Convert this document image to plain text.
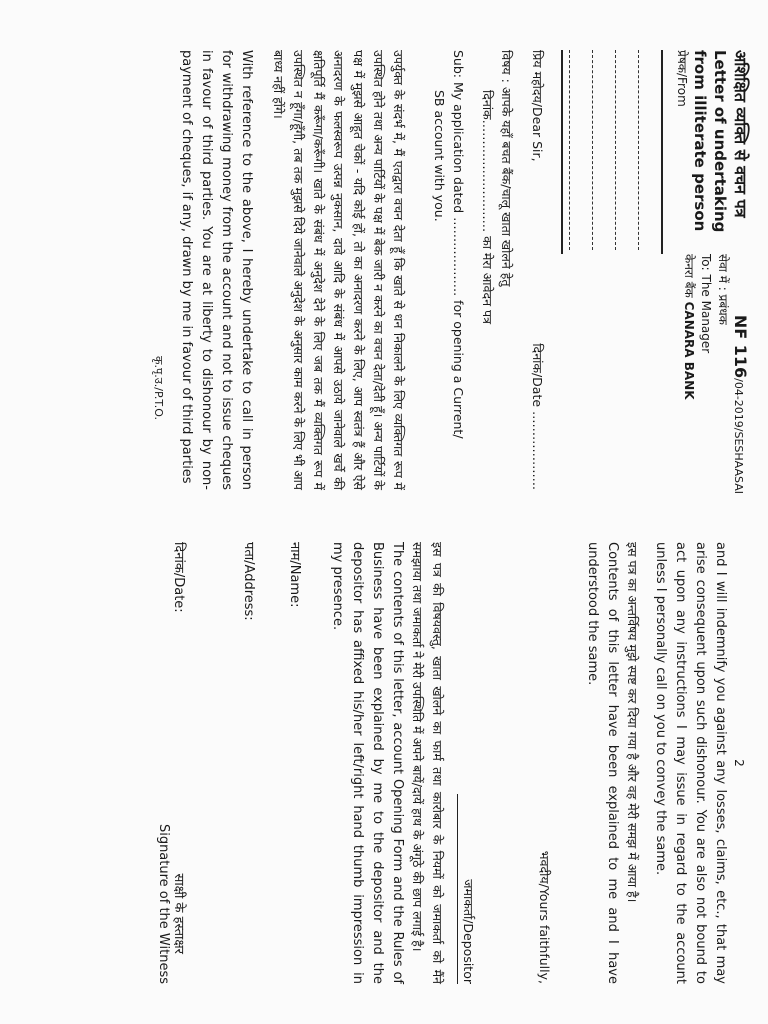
अशिक्षित व्यक्ति से वचन पत्र

Letter of undertaking from illiterate person

प्रेषक/From
NF 116/04-2019/SESHAASAI
सेवा में : प्रबंधक
To: The Manager
केनरा बैंक CANARA BANK
प्रिय महोदय/Dear Sir,
दिनांक/Date ……………….

विषय : आपके यहाँ बचत बैंक/चालू खाता खोलने हेतु

दिनांक……………………… का मेरा आवेदन पत्र

Sub: My application dated ………………. for opening a Current/

SB account with you.

उपर्युक्त के संदर्भ में, मैं एतद्वारा वचन देता हूँ कि खाते से धन निकालने के लिए व्यक्तिगत रूप में उपस्थित होने तथा अन्य पार्टियों के पक्ष में बेक जारी न करने का वचन देता/देती हूँ। अन्य पार्टियों के पक्ष में मुझसे आहूत चेकों - यदि कोई हों, तो का अनादरण करने के लिए, आप स्वतंत्र हैं और ऐसे अनादरण के फलस्वरूप उत्पन्न नुकसान, दावे आदि के संबंध में आपसे उठाये जानेवाले खर्चे की क्षतिपूर्ति मैं करूँगा/करूँगी। खाते के संबंध में अनुदेश देने के लिए जब तक मैं व्यक्तिगत रूप में उपस्थित न हूँगा/हूँगी, तब तक मुझसे दिये जानेवाले अनुदेश के अनुसार काम करने के लिए भी आप बाध्य नहीं होंगे।

With reference to the above, I hereby undertake to call in person for withdrawing money from the account and not to issue cheques in favour of third parties. You are at liberty to dishonour by non-payment of cheques, if any, drawn by me in favour of third parties

कृ.पृ.उ./P.T.O.
2

and I will indemnify you against any losses, claims, etc., that may arise consequent upon such dishonour. You are also not bound to act upon any instructions I may issue in regard to the account unless I personally call on you to convey the same.

इस पत्र का अन्तर्विषय मुझे स्पष्ट कर दिया गया है और वह मेरी समझ में आया है।

Contents of this letter have been explained to me and I have understood the same.

भवदीय/Yours faithfully,
जमाकर्ता/Depositor

इस पत्र की विषयवस्तु, खाता खोलने का फार्म तथा कारोबार के नियमों को जमाकर्ता को मैंने समझाया तथा जमाकर्ता ने मेरी उपस्थिति में अपने बायें/दायें हाथ के अंगूठे की छाप लगाई है।

The contents of this letter, account Opening Form and the Rules of Business have been explained by me to the depositor and the depositor has affixed his/her left/right hand thumb impression in my presence.

नाम/Name:
पता/Address:
दिनांक/Date:
साक्षी के हस्ताक्षर
Signature of the Witness
